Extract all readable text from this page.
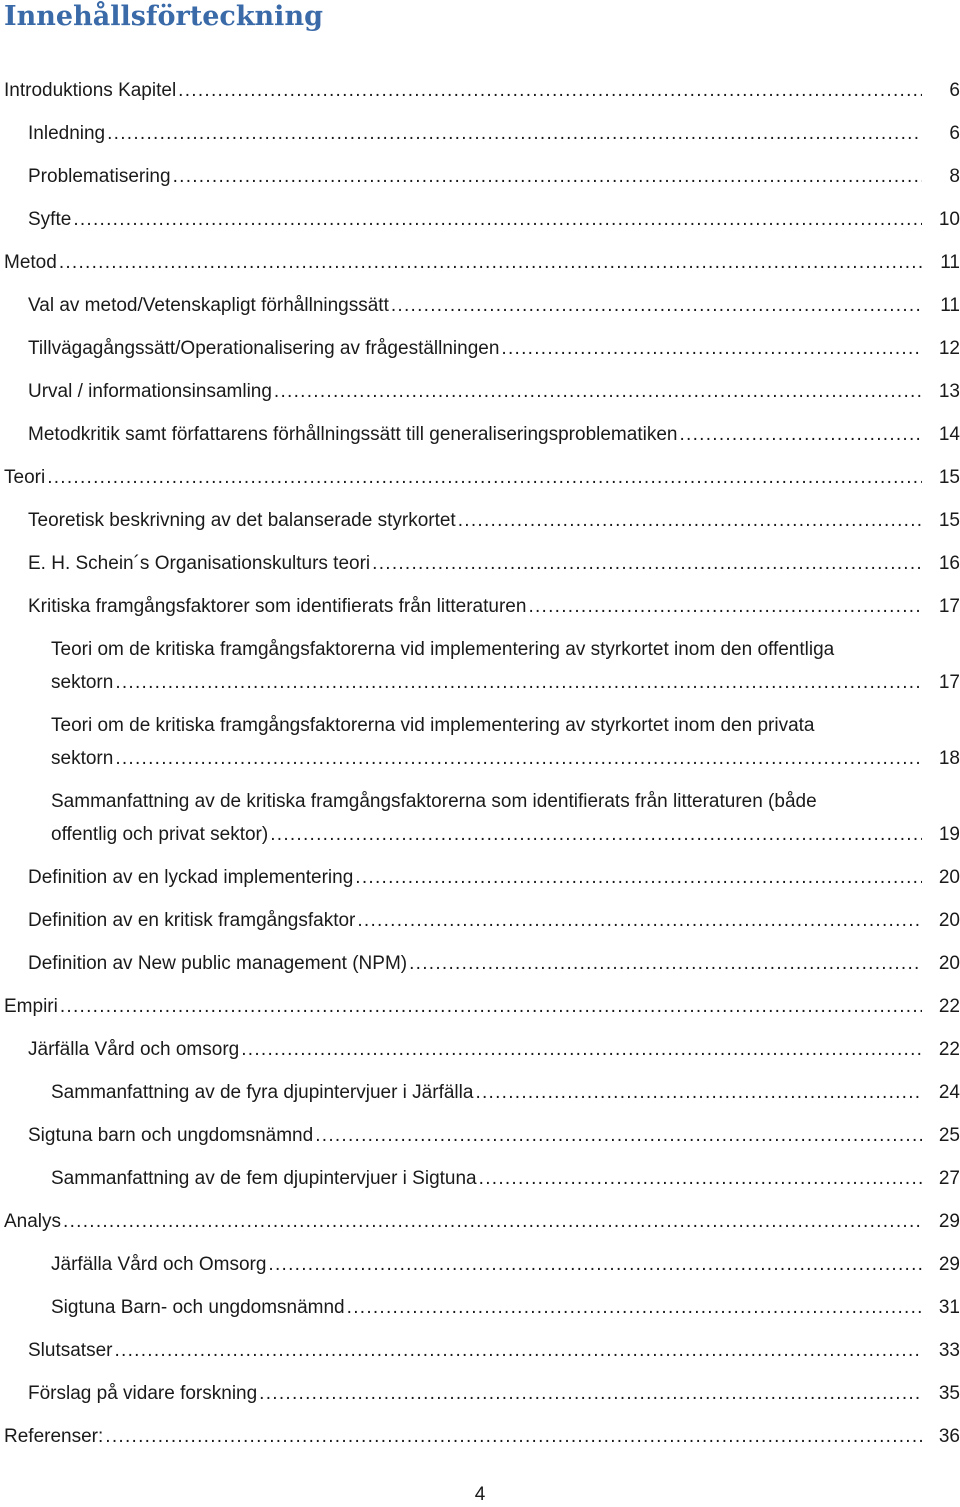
Innehållsförteckning
Introduktions Kapitel . . .	6
Inledning . . .	6
Problematisering . . .	8
Syfte . . .	10
Metod . . .	11
Val av metod/Vetenskapligt förhållningssätt . . .	11
Tillvägagångssätt/Operationalisering av frågeställningen . . .	12
Urval / informationsinsamling . . .	13
Metodkritik samt författarens förhållningssätt till generaliseringsproblematiken . . .	14
Teori . . .	15
Teoretisk beskrivning av det balanserade styrkortet . . .	15
E. H. Schein´s Organisationskulturs teori . . .	16
Kritiska framgångsfaktorer som identifierats från litteraturen . . .	17
Teori om de kritiska framgångsfaktorerna vid implementering av styrkortet inom den offentliga
sektorn . . .	17
Teori om de kritiska framgångsfaktorerna vid implementering av styrkortet inom den privata
sektorn . . .	18
Sammanfattning av de kritiska framgångsfaktorerna som identifierats från litteraturen (både
offentlig och privat sektor) . . .	19
Definition av en lyckad implementering . . .	20
Definition av en kritisk framgångsfaktor . . .	20
Definition av New public management (NPM) . . .	20
Empiri . . .	22
Järfälla Vård och omsorg . . .	22
Sammanfattning av de fyra djupintervjuer i Järfälla . . .	24
Sigtuna barn och ungdomsnämnd . . .	25
Sammanfattning av de fem djupintervjuer i Sigtuna . . .	27
Analys . . .	29
Järfälla Vård och Omsorg . . .	29
Sigtuna Barn- och ungdomsnämnd . . .	31
Slutsatser . . .	33
Förslag på vidare forskning . . .	35
Referenser: . . .	36
4
